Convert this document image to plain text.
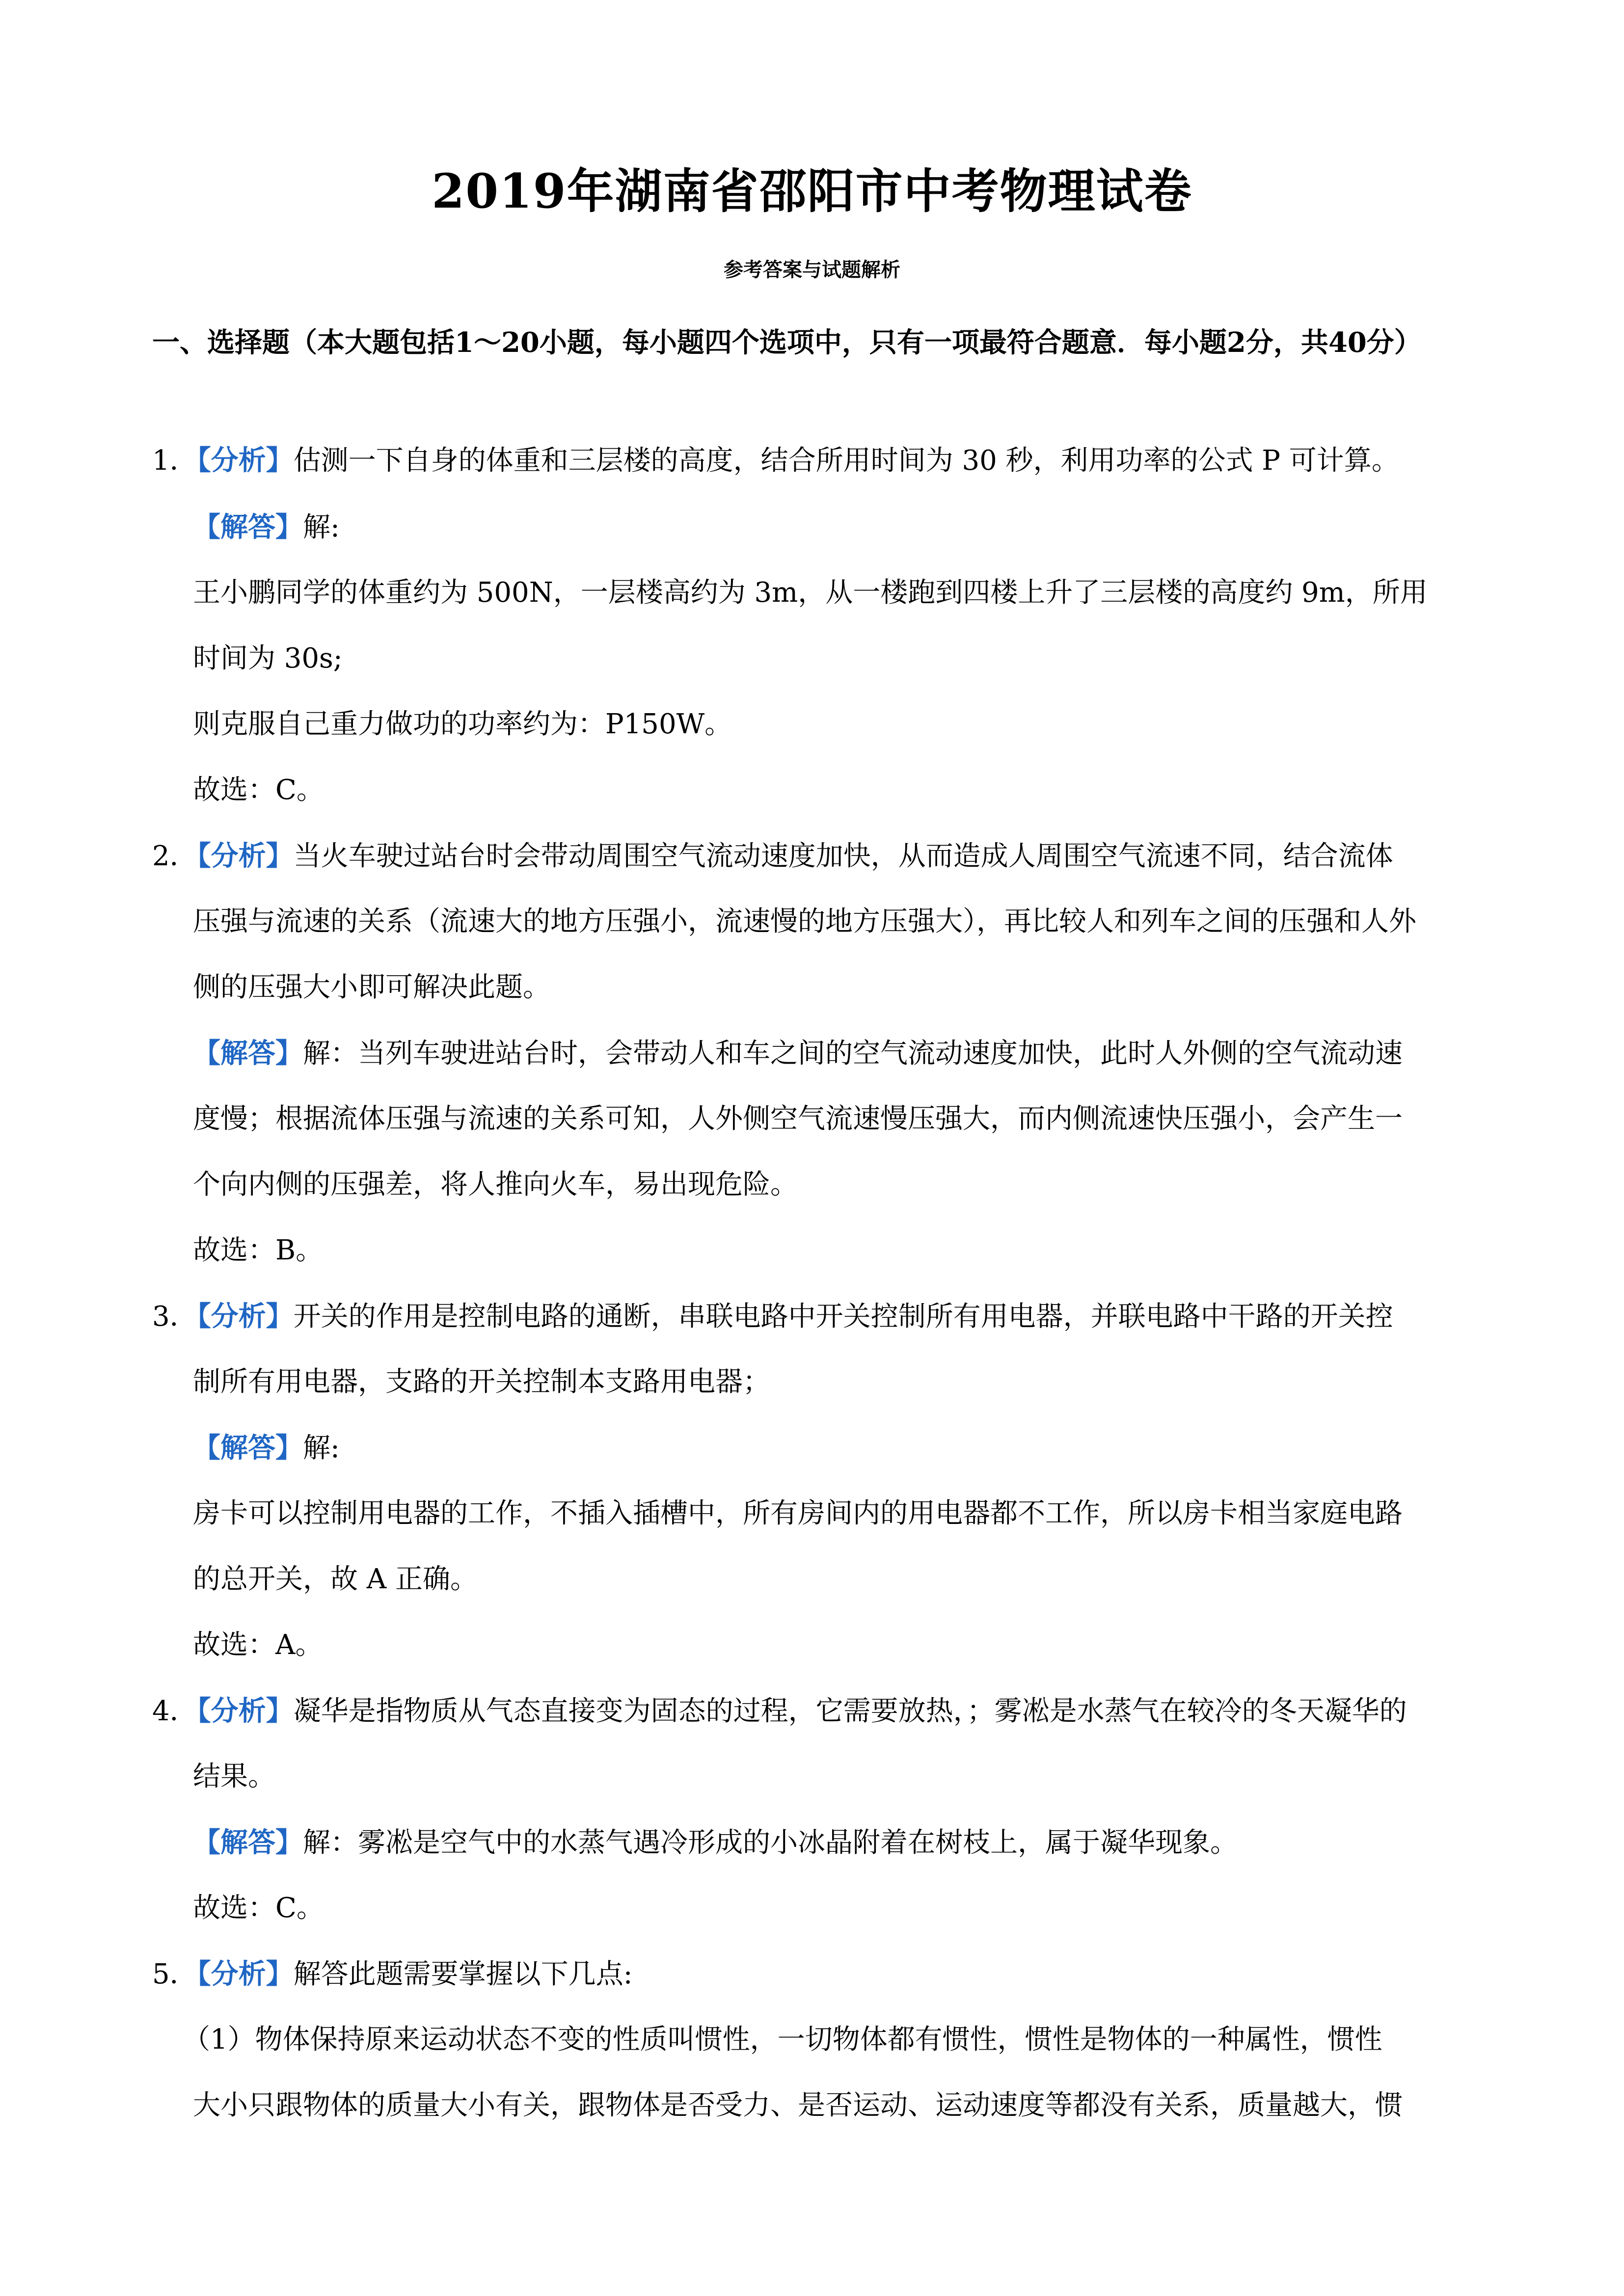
2019年湖南省邵阳市中考物理试卷
参考答案与试题解析
一、选择题（本大题包括1～20小题，每小题四个选项中，只有一项最符合题意．每小题2分，共40分）
1．【分析】估测一下自身的体重和三层楼的高度，结合所用时间为 30 秒，利用功率的公式 P 可计算。
【解答】解:
王小鹏同学的体重约为 500N，一层楼高约为 3m，从一楼跑到四楼上升了三层楼的高度约 9m，所用
时间为 30s;
则克服自己重力做功的功率约为：P150W。
故选：C。
2．【分析】当火车驶过站台时会带动周围空气流动速度加快，从而造成人周围空气流速不同，结合流体
压强与流速的关系（流速大的地方压强小，流速慢的地方压强大），再比较人和列车之间的压强和人外
侧的压强大小即可解决此题。
【解答】解：当列车驶进站台时，会带动人和车之间的空气流动速度加快，此时人外侧的空气流动速
度慢；根据流体压强与流速的关系可知，人外侧空气流速慢压强大，而内侧流速快压强小，会产生一
个向内侧的压强差，将人推向火车，易出现危险。
故选：B。
3．【分析】开关的作用是控制电路的通断，串联电路中开关控制所有用电器，并联电路中干路的开关控
制所有用电器，支路的开关控制本支路用电器；
【解答】解:
房卡可以控制用电器的工作，不插入插槽中，所有房间内的用电器都不工作，所以房卡相当家庭电路
的总开关，故 A 正确。
故选：A。
4．【分析】凝华是指物质从气态直接变为固态的过程，它需要放热，；雾凇是水蒸气在较冷的冬天凝华的
结果。
【解答】解：雾凇是空气中的水蒸气遇冷形成的小冰晶附着在树枝上，属于凝华现象。
故选：C。
5．【分析】解答此题需要掌握以下几点:
（1）物体保持原来运动状态不变的性质叫惯性，一切物体都有惯性，惯性是物体的一种属性，惯性
大小只跟物体的质量大小有关，跟物体是否受力、是否运动、运动速度等都没有关系，质量越大，惯
